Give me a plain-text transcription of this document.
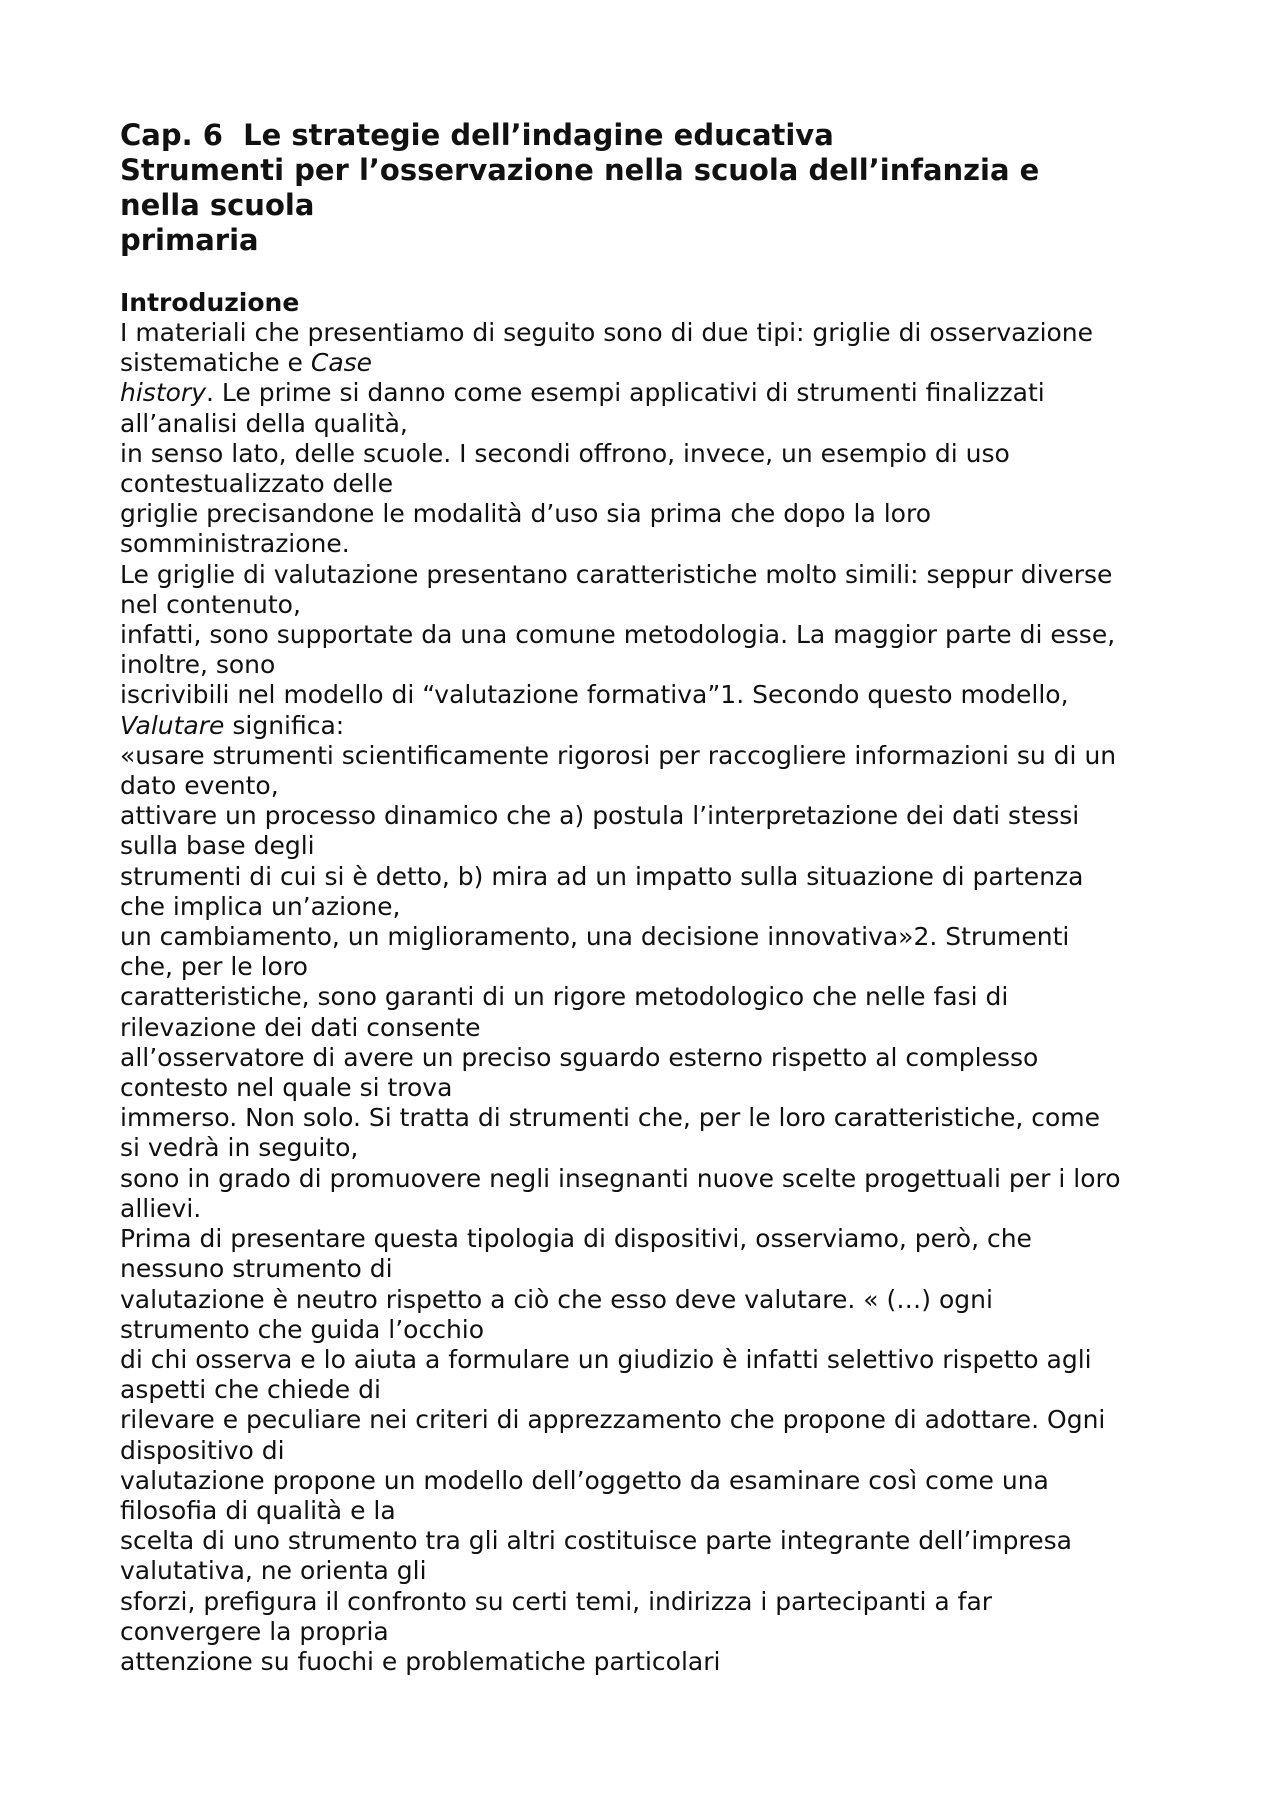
Cap. 6  Le strategie dell’indagine educativa
Strumenti per l’osservazione nella scuola dell’infanzia e
nella scuola
primaria
Introduzione
I materiali che presentiamo di seguito sono di due tipi: griglie di osservazione
sistematiche e Case
history. Le prime si danno come esempi applicativi di strumenti finalizzati
all’analisi della qualità,
in senso lato, delle scuole. I secondi offrono, invece, un esempio di uso
contestualizzato delle
griglie precisandone le modalità d’uso sia prima che dopo la loro
somministrazione.
Le griglie di valutazione presentano caratteristiche molto simili: seppur diverse
nel contenuto,
infatti, sono supportate da una comune metodologia. La maggior parte di esse,
inoltre, sono
iscrivibili nel modello di “valutazione formativa”1. Secondo questo modello,
Valutare significa:
«usare strumenti scientificamente rigorosi per raccogliere informazioni su di un
dato evento,
attivare un processo dinamico che a) postula l’interpretazione dei dati stessi
sulla base degli
strumenti di cui si è detto, b) mira ad un impatto sulla situazione di partenza
che implica un’azione,
un cambiamento, un miglioramento, una decisione innovativa»2. Strumenti
che, per le loro
caratteristiche, sono garanti di un rigore metodologico che nelle fasi di
rilevazione dei dati consente
all’osservatore di avere un preciso sguardo esterno rispetto al complesso
contesto nel quale si trova
immerso. Non solo. Si tratta di strumenti che, per le loro caratteristiche, come
si vedrà in seguito,
sono in grado di promuovere negli insegnanti nuove scelte progettuali per i loro
allievi.
Prima di presentare questa tipologia di dispositivi, osserviamo, però, che
nessuno strumento di
valutazione è neutro rispetto a ciò che esso deve valutare. « (…) ogni
strumento che guida l’occhio
di chi osserva e lo aiuta a formulare un giudizio è infatti selettivo rispetto agli
aspetti che chiede di
rilevare e peculiare nei criteri di apprezzamento che propone di adottare. Ogni
dispositivo di
valutazione propone un modello dell’oggetto da esaminare così come una
filosofia di qualità e la
scelta di uno strumento tra gli altri costituisce parte integrante dell’impresa
valutativa, ne orienta gli
sforzi, prefigura il confronto su certi temi, indirizza i partecipanti a far
convergere la propria
attenzione su fuochi e problematiche particolari
